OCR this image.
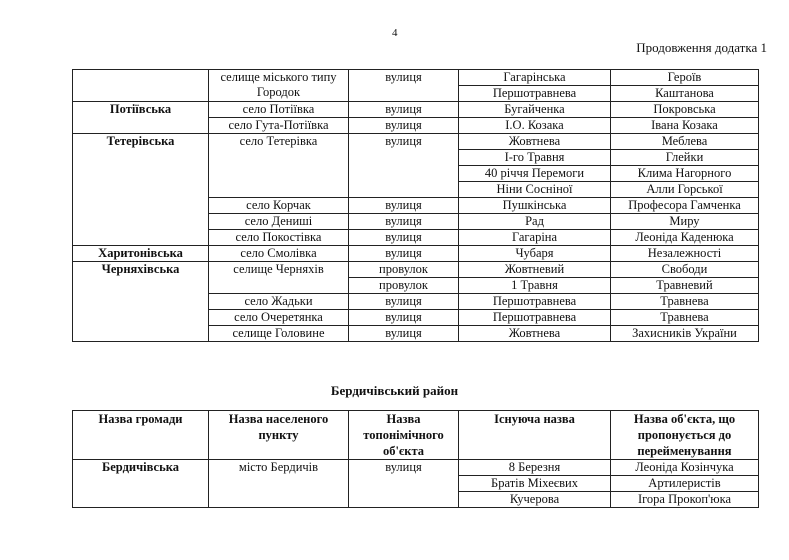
4
Продовження додатка 1
	селище міського типу Городок	вулиця	Гагарінська	Героїв
			Першотравнева	Каштанова
Потіївська	село Потіївка	вулиця	Бугайченка	Покровська
	село Гута-Потіївка	вулиця	І.О. Козака	Івана Козака
Тетерівська	село Тетерівка	вулиця	Жовтнева	Меблева
			І-го Травня	Глейки
			40 річчя Перемоги	Клима Нагорного
			Ніни Сосніної	Алли Горської
	село Корчак	вулиця	Пушкінська	Професора Гамченка
	село Дениші	вулиця	Рад	Миру
	село Покостівка	вулиця	Гагаріна	Леоніда Каденюка
Харитонівська	село Смолівка	вулиця	Чубаря	Незалежності
Черняхівська	селище Черняхів	провулок	Жовтневий	Свободи
		провулок	1 Травня	Травневий
	село Жадьки	вулиця	Першотравнева	Травнева
	село Очеретянка	вулиця	Першотравнева	Травнева
	селище Головине	вулиця	Жовтнева	Захисників України
Бердичівський район
Назва громади	Назва населеного пункту	Назва топонімічного об'єкта	Існуюча назва	Назва об'єкта, що пропонується до перейменування
Бердичівська	місто Бердичів	вулиця	8 Березня	Леоніда Козінчука
			Братів Міхеєвих	Артилеристів
			Кучерова	Ігора Прокоп'юка
